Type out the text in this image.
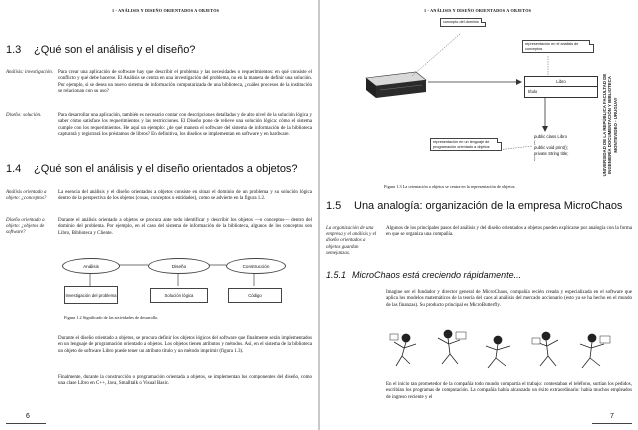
1 - ANÁLISIS Y DISEÑO ORIENTADOS A OBJETOS
1.3 ¿Qué son el análisis y el diseño?
Análisis: investigación. Para crear una aplicación de software hay que describir el problema y las necesidades o requerimientos: en qué consiste el conflicto y qué debe hacerse. El Análisis se centra en una investigación del problema, no en la manera de definir una solución. Por ejemplo, si se desea un nuevo sistema de información computarizada de una biblioteca, ¿cuáles procesos de la institución se relacionan con su uso?
Diseño: solución.	Para desarrollar una aplicación, también es necesario contar con descripciones detalladas y de alto nivel de la solución lógica y saber cómo satisface los requerimientos y las restricciones. El Diseño pone de relieve una solución lógica: cómo el sistema cumple con los requerimientos. He aquí un ejemplo: ¿de qué manera el software del sistema de información de la biblioteca capturará y registrará los préstamos de libros? En definitiva, los diseños se implementan en software y en hardware.
1.4 ¿Qué son el análisis y el diseño orientados a objetos?
Análisis orientado a objeto: ¿conceptos?
La esencia del análisis y el diseño orientados a objetos consiste en situar el dominio de un problema y su solución lógica dentro de la perspectiva de los objetos (cosas, conceptos o entidades), como se advierte en la figura 1.2.
Diseño orientado a objeto: ¿objetos de software?
Durante el análisis orientado a objetos se procura ante todo identificar y describir los objetos —o conceptos— dentro del dominio del problema. Por ejemplo, en el caso del sistema de información de la biblioteca, algunos de los conceptos son Libro, Biblioteca y Cliente.
Análisis	Diseño	Construcción
Investigación del problema	Solución lógica	Código
Figura 1.2 Significado de las actividades de desarrollo.
Durante el diseño orientado a objetos, se procura definir los objetos lógicos del software que finalmente serán implementados en un lenguaje de programación orientado a objetos. Los objetos tienen atributos y métodos. Así, en el sistema de la biblioteca un objeto de software Libro puede tener un atributo título y un método imprimir (figura 1.3).
Finalmente, durante la construcción o programación orientada a objetos, se implementan los componentes del diseño, como una clase Libro en C++, Java, Smalltalk o Visual Basic.
6
1 - ANÁLISIS Y DISEÑO ORIENTADOS A OBJETOS
concepto del dominio
representación en el análisis de conceptos
Libro
título
representación en un lenguaje de programación orientado a objetos
public class Libro
{
public void print();
private String title;
}
Figura 1.3 La orientación a objetos se centra en la representación de objetos.
UNIVERSIDAD DE LA REPÚBLICA FACULTAD DE INGENIERÍA DOCUMENTACIÓN Y BIBLIOTECA MONTEVIDEO - URUGUAY
1.5 Una analogía: organización de la empresa MicroChaos
La organización de una empresa y el análisis y el diseño orientados a objetos guardan semejanzas.
Algunos de los principales pasos del análisis y del diseño orientados a objetos pueden explicarse por analogía con la forma en que se organiza una compañía.
1.5.1 MicroChaos está creciendo rápidamente...
Imagine ser el fundador y director general de MicroChaos, compañía recién creada y especializada en el software que aplica los modelos matemáticos de la teoría del caos al análisis del mercado accionario (esto ya se ha hecho en el mundo de las finanzas). Su producto principal es MicroButterfly.
En el inicio tan prometedor de la compañía todo mundo compartía el trabajo: contestaban el teléfono, surtían los pedidos, escribían los programas de computación. La compañía había alcanzado un éxito extraordinario: había muchos empleados de ingreso reciente y el
7
